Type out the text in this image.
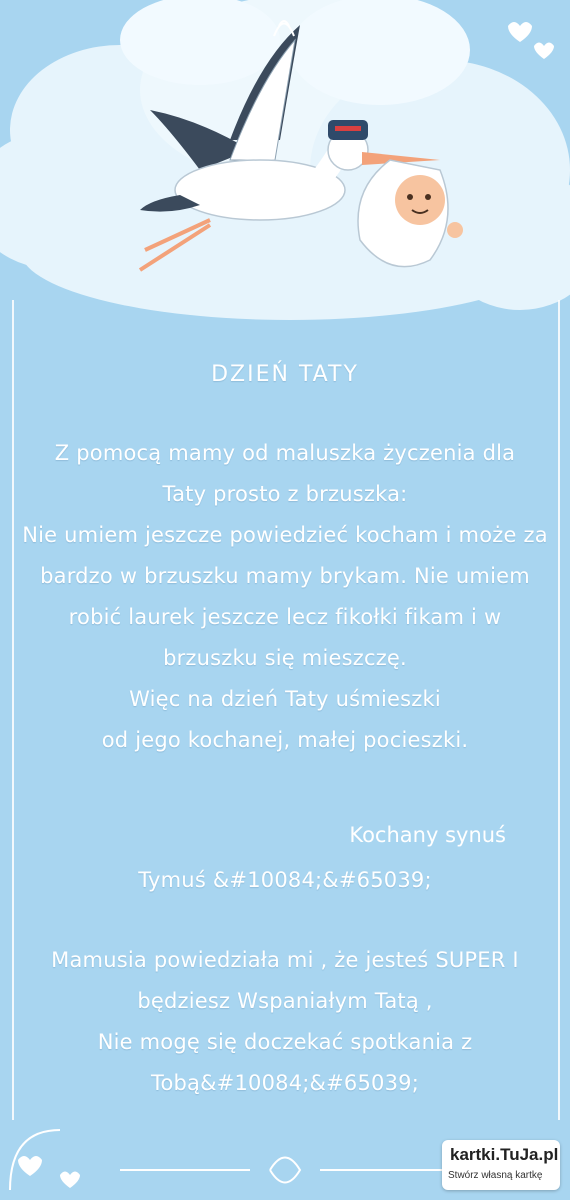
DZIEŃ TATY
Z pomocą mamy od maluszka życzenia dla
Taty prosto z brzuszka:
Nie umiem jeszcze powiedzieć kocham i może za
bardzo w brzuszku mamy brykam. Nie umiem
robić laurek jeszcze lecz fikołki fikam i w
brzuszku się mieszczę.
Więc na dzień Taty uśmieszki
od jego kochanej, małej pocieszki.
Kochany synuś
Tymuś &#10084;&#65039;
Mamusia powiedziała mi , że jesteś SUPER I
będziesz Wspaniałym Tatą ,
Nie mogę się doczekać spotkania z
Tobą&#10084;&#65039;
kartki.TuJa.pl
Stwórz własną kartkę
